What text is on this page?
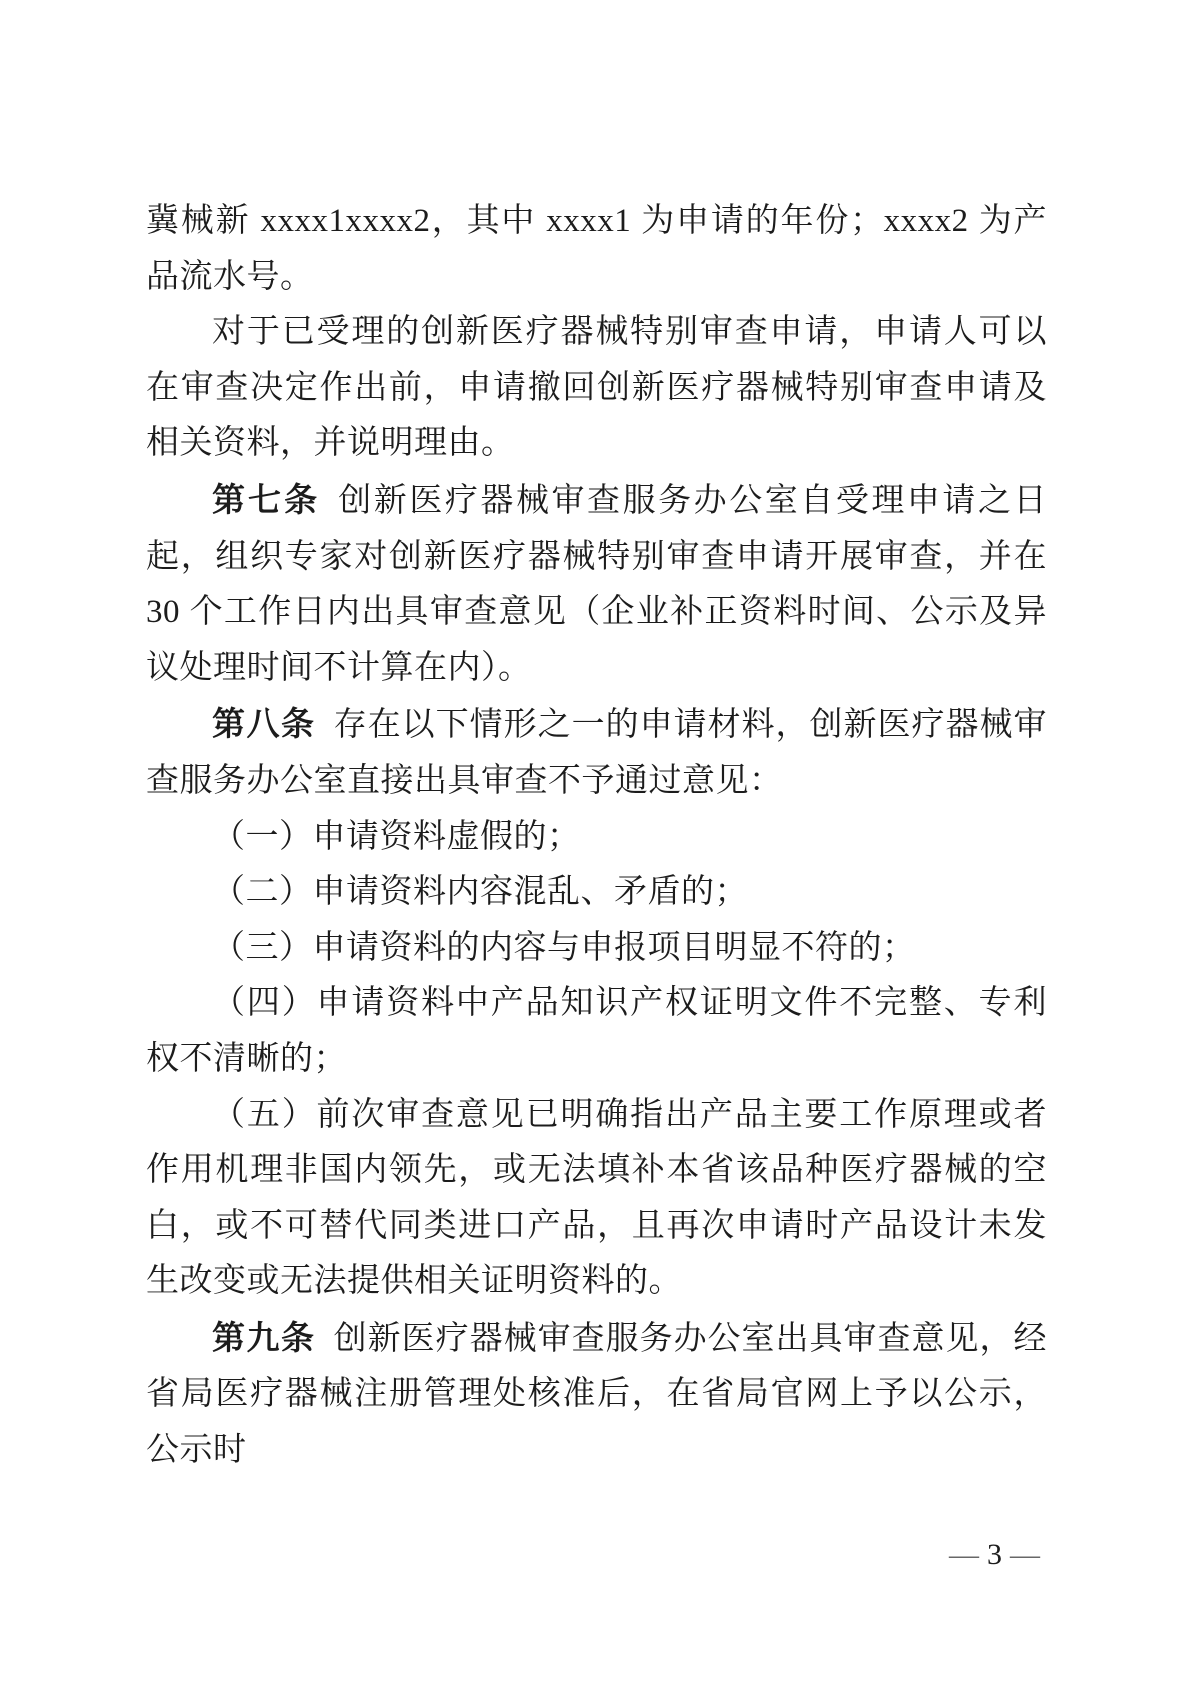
冀械新 xxxx1xxxx2，其中 xxxx1 为申请的年份；xxxx2 为产品流水号。

对于已受理的创新医疗器械特别审查申请，申请人可以在审查决定作出前，申请撤回创新医疗器械特别审查申请及相关资料，并说明理由。

第七条 创新医疗器械审查服务办公室自受理申请之日起，组织专家对创新医疗器械特别审查申请开展审查，并在 30 个工作日内出具审查意见（企业补正资料时间、公示及异议处理时间不计算在内）。

第八条 存在以下情形之一的申请材料，创新医疗器械审查服务办公室直接出具审查不予通过意见：

（一）申请资料虚假的；

（二）申请资料内容混乱、矛盾的；

（三）申请资料的内容与申报项目明显不符的；

（四）申请资料中产品知识产权证明文件不完整、专利权不清晰的；

（五）前次审查意见已明确指出产品主要工作原理或者作用机理非国内领先，或无法填补本省该品种医疗器械的空白，或不可替代同类进口产品，且再次申请时产品设计未发生改变或无法提供相关证明资料的。

第九条 创新医疗器械审查服务办公室出具审查意见，经省局医疗器械注册管理处核准后，在省局官网上予以公示，公示时

— 3 —
